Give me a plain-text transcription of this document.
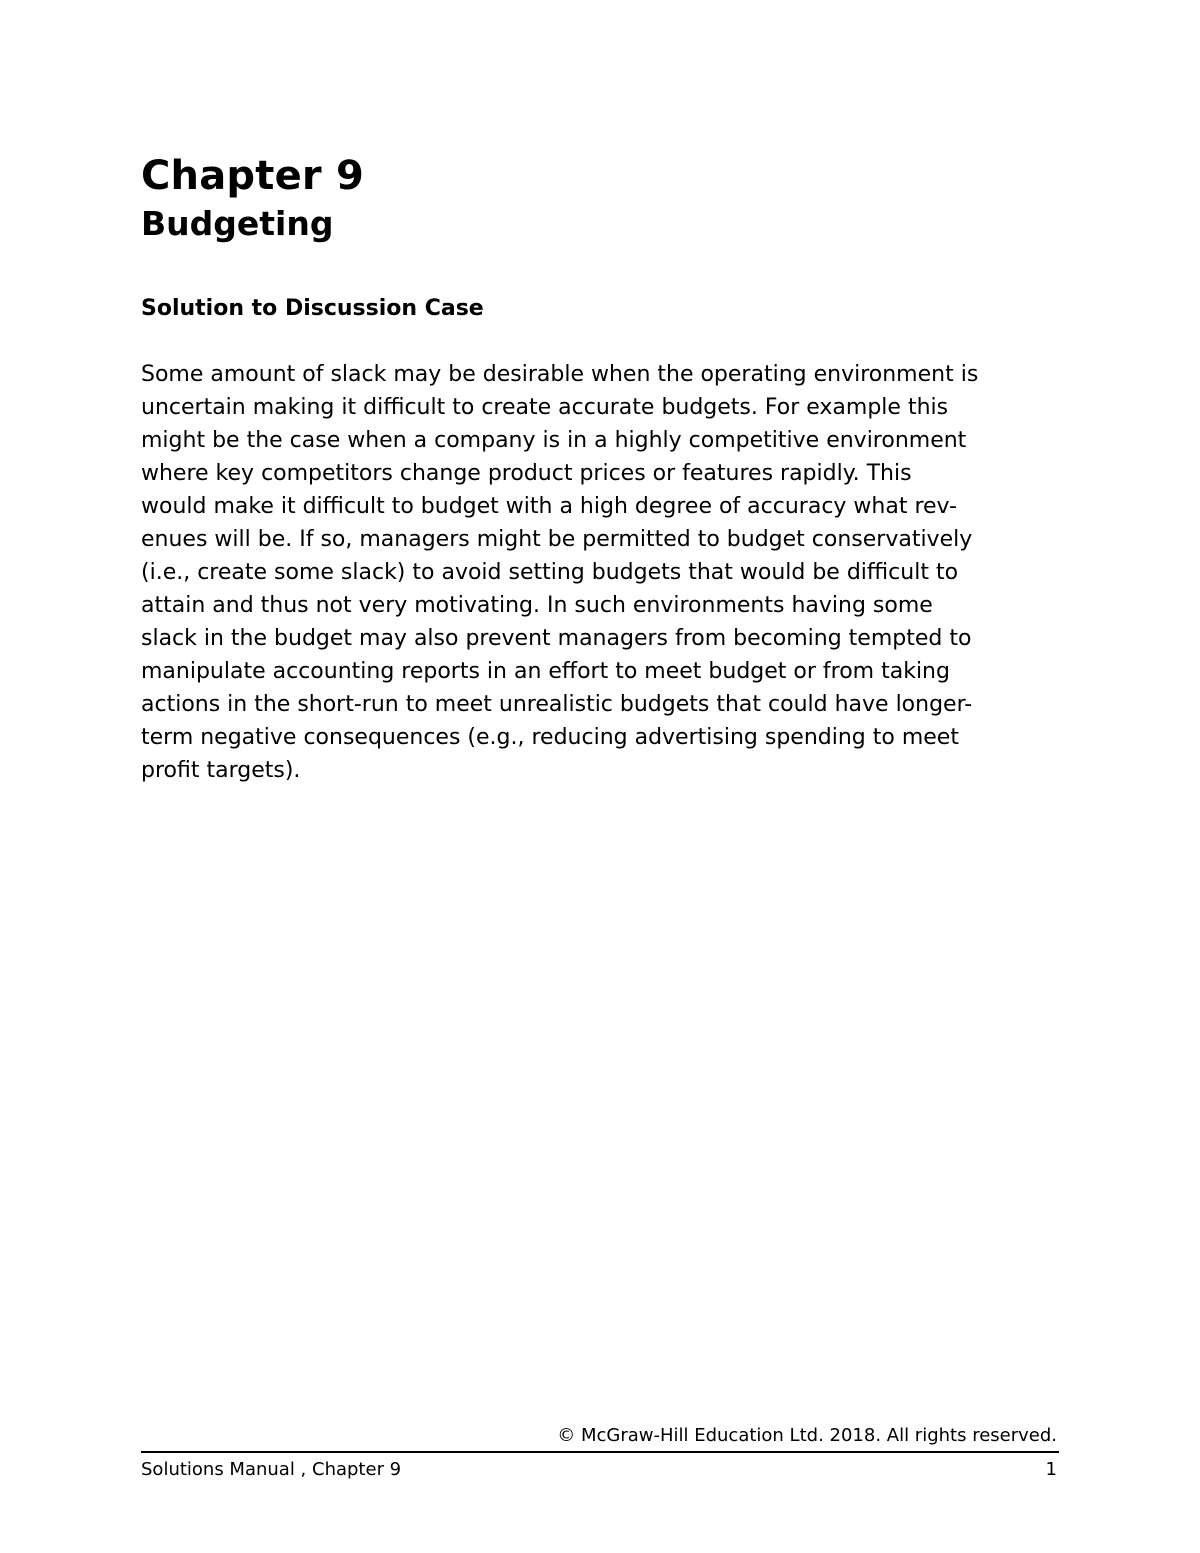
Chapter 9
Budgeting
Solution to Discussion Case

Some amount of slack may be desirable when the operating environment is
uncertain making it difficult to create accurate budgets. For example this
might be the case when a company is in a highly competitive environment
where key competitors change product prices or features rapidly. This
would make it difficult to budget with a high degree of accuracy what rev-
enues will be. If so, managers might be permitted to budget conservatively
(i.e., create some slack) to avoid setting budgets that would be difficult to
attain and thus not very motivating. In such environments having some
slack in the budget may also prevent managers from becoming tempted to
manipulate accounting reports in an effort to meet budget or from taking
actions in the short-run to meet unrealistic budgets that could have longer-
term negative consequences (e.g., reducing advertising spending to meet
profit targets).

© McGraw-Hill Education Ltd. 2018. All rights reserved.
Solutions Manual , Chapter 9	1
